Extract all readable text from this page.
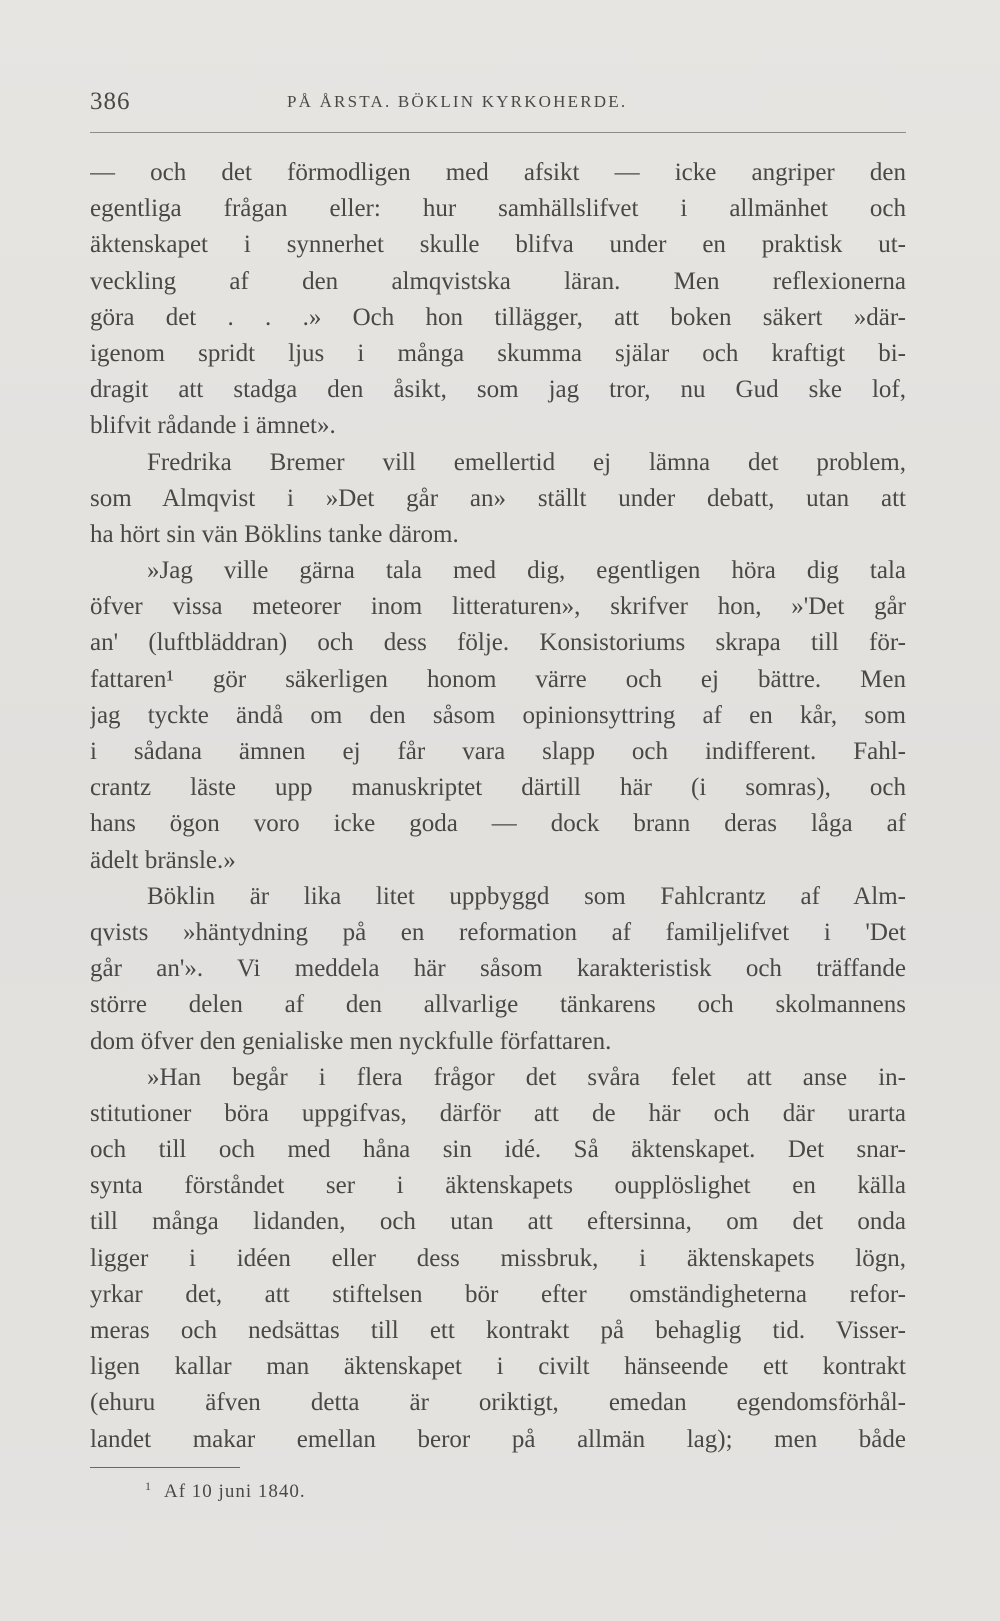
386	PÅ ÅRSTA. BÖKLIN KYRKOHERDE.
— och det förmodligen med afsikt — icke angriper den
egentliga frågan eller: hur samhällslifvet i allmänhet och
äktenskapet i synnerhet skulle blifva under en praktisk ut-
veckling af den almqvistska läran. Men reflexionerna
göra det . . .» Och hon tillägger, att boken säkert »där-
igenom spridt ljus i många skumma själar och kraftigt bi-
dragit att stadga den åsikt, som jag tror, nu Gud ske lof,
blifvit rådande i ämnet».
Fredrika Bremer vill emellertid ej lämna det problem,
som Almqvist i »Det går an» ställt under debatt, utan att
ha hört sin vän Böklins tanke därom.
»Jag ville gärna tala med dig, egentligen höra dig tala
öfver vissa meteorer inom litteraturen», skrifver hon, »'Det går
an' (luftbläddran) och dess följe. Konsistoriums skrapa till för-
fattaren¹ gör säkerligen honom värre och ej bättre. Men
jag tyckte ändå om den såsom opinionsyttring af en kår, som
i sådana ämnen ej får vara slapp och indifferent. Fahl-
crantz läste upp manuskriptet därtill här (i somras), och
hans ögon voro icke goda — dock brann deras låga af
ädelt bränsle.»
Böklin är lika litet uppbyggd som Fahlcrantz af Alm-
qvists »häntydning på en reformation af familjelifvet i 'Det
går an'». Vi meddela här såsom karakteristisk och träffande
större delen af den allvarlige tänkarens och skolmannens
dom öfver den genialiske men nyckfulle författaren.
»Han begår i flera frågor det svåra felet att anse in-
stitutioner böra uppgifvas, därför att de här och där urarta
och till och med håna sin idé. Så äktenskapet. Det snar-
synta förståndet ser i äktenskapets oupplöslighet en källa
till många lidanden, och utan att eftersinna, om det onda
ligger i idéen eller dess missbruk, i äktenskapets lögn,
yrkar det, att stiftelsen bör efter omständigheterna refor-
meras och nedsättas till ett kontrakt på behaglig tid. Visser-
ligen kallar man äktenskapet i civilt hänseende ett kontrakt
(ehuru äfven detta är oriktigt, emedan egendomsförhål-
landet makar emellan beror på allmän lag); men både
$^1$ Af 10 juni 1840.
